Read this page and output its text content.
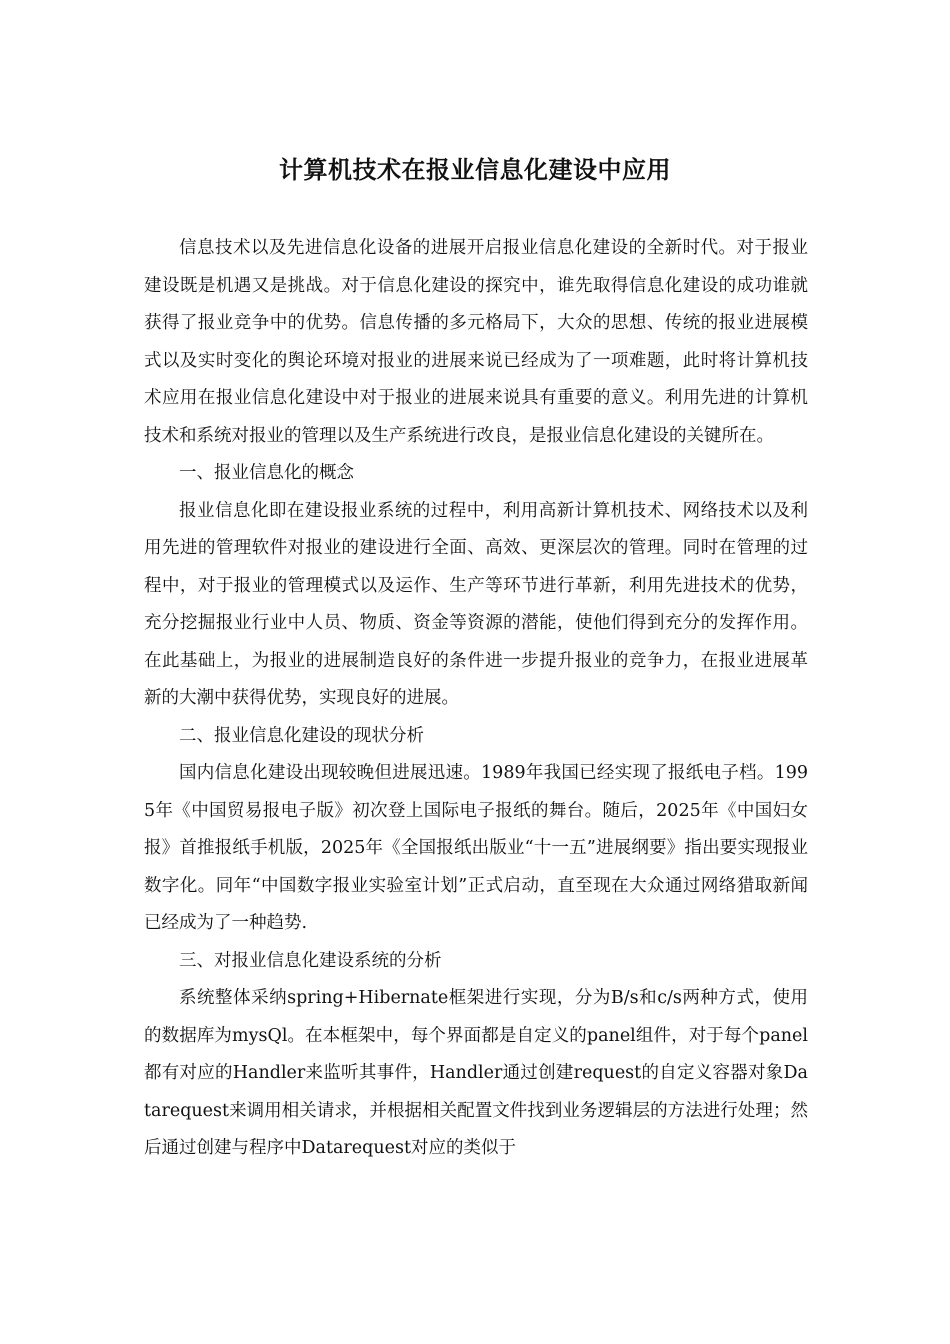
计算机技术在报业信息化建设中应用

信息技术以及先进信息化设备的进展开启报业信息化建设的全新时代。对于报业建设既是机遇又是挑战。对于信息化建设的探究中，谁先取得信息化建设的成功谁就获得了报业竞争中的优势。信息传播的多元格局下，大众的思想、传统的报业进展模式以及实时变化的舆论环境对报业的进展来说已经成为了一项难题，此时将计算机技术应用在报业信息化建设中对于报业的进展来说具有重要的意义。利用先进的计算机技术和系统对报业的管理以及生产系统进行改良，是报业信息化建设的关键所在。

一、报业信息化的概念

报业信息化即在建设报业系统的过程中，利用高新计算机技术、网络技术以及利用先进的管理软件对报业的建设进行全面、高效、更深层次的管理。同时在管理的过程中，对于报业的管理模式以及运作、生产等环节进行革新，利用先进技术的优势，充分挖掘报业行业中人员、物质、资金等资源的潜能，使他们得到充分的发挥作用。在此基础上，为报业的进展制造良好的条件进一步提升报业的竞争力，在报业进展革新的大潮中获得优势，实现良好的进展。

二、报业信息化建设的现状分析

国内信息化建设出现较晚但进展迅速。1989年我国已经实现了报纸电子档。1995年《中国贸易报电子版》初次登上国际电子报纸的舞台。随后，2025年《中国妇女报》首推报纸手机版，2025年《全国报纸出版业“十一五”进展纲要》指出要实现报业数字化。同年“中国数字报业实验室计划”正式启动，直至现在大众通过网络猎取新闻已经成为了一种趋势.

三、对报业信息化建设系统的分析

系统整体采纳spring+Hibernate框架进行实现，分为B/s和c/s两种方式，使用的数据库为mysQl。在本框架中，每个界面都是自定义的panel组件，对于每个panel都有对应的Handler来监听其事件，Handler通过创建request的自定义容器对象Datarequest来调用相关请求，并根据相关配置文件找到业务逻辑层的方法进行处理；然后通过创建与程序中Datarequest对应的类似于
